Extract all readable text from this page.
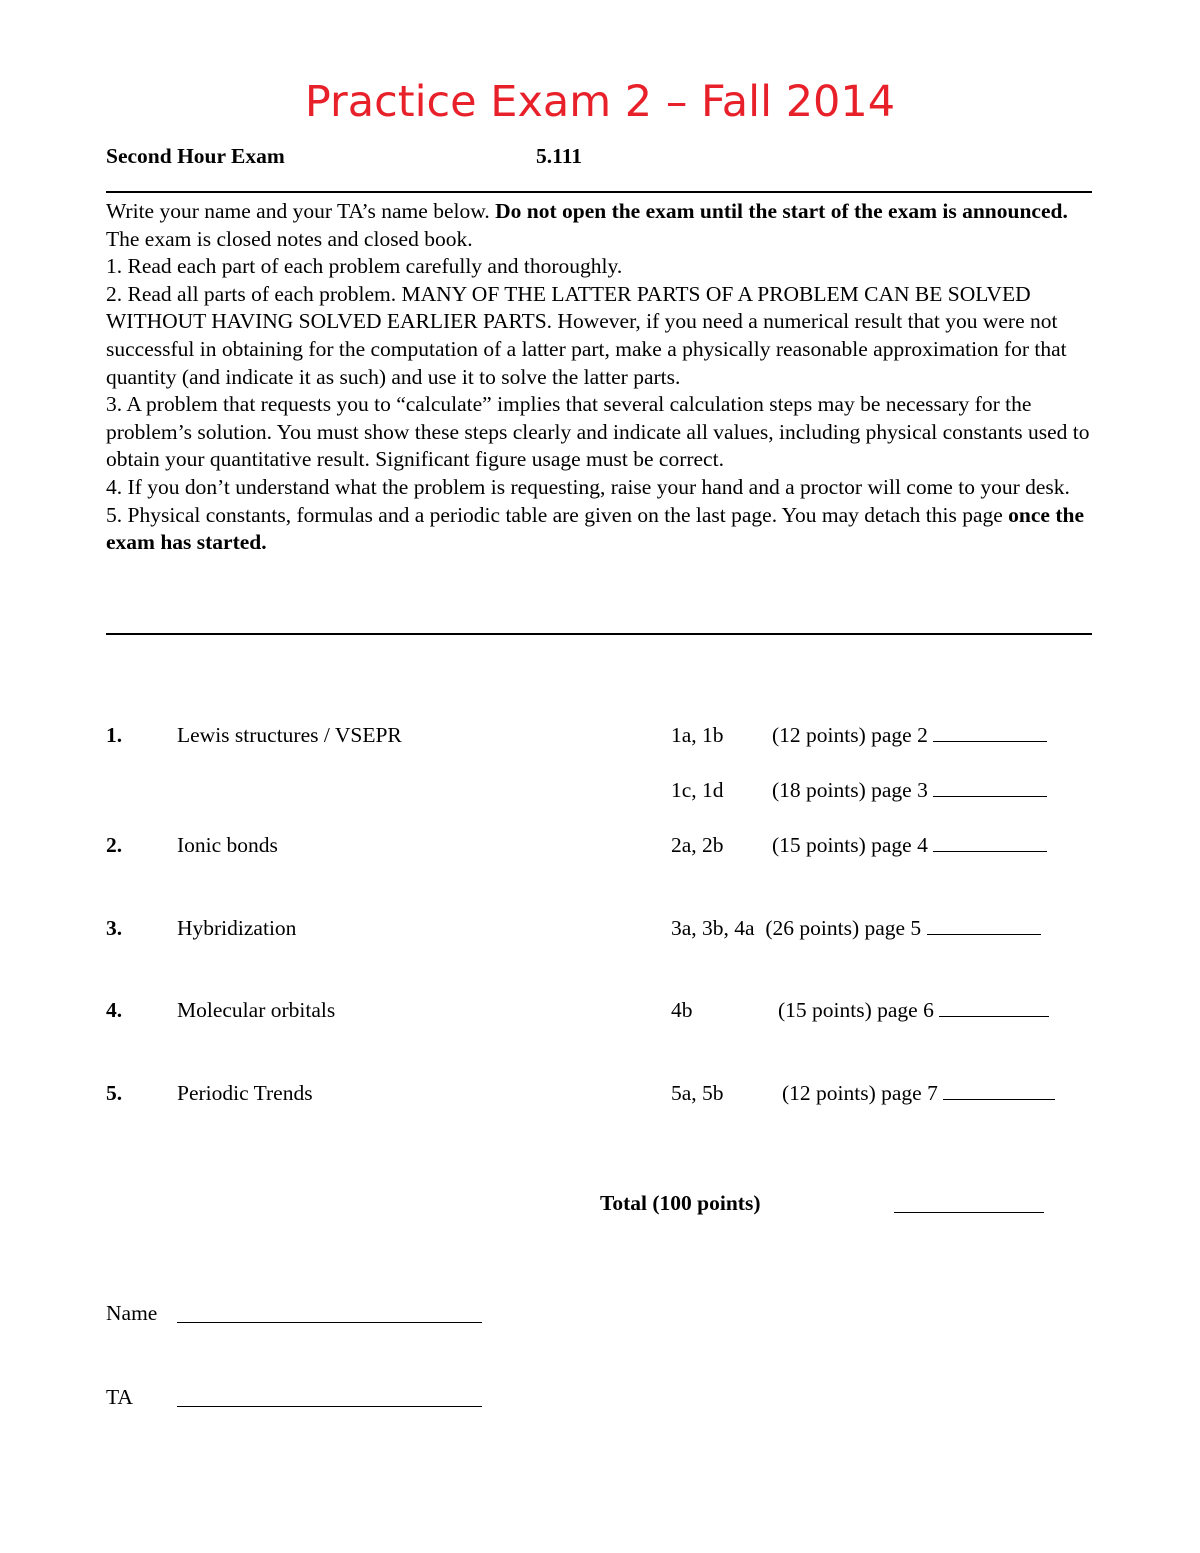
Practice Exam 2 – Fall 2014
Second Hour Exam	5.111

Write your name and your TA’s name below. Do not open the exam until the start of the exam is announced. The exam is closed notes and closed book.

1. Read each part of each problem carefully and thoroughly.

2. Read all parts of each problem. MANY OF THE LATTER PARTS OF A PROBLEM CAN BE SOLVED WITHOUT HAVING SOLVED EARLIER PARTS. However, if you need a numerical result that you were not successful in obtaining for the computation of a latter part, make a physically reasonable approximation for that quantity (and indicate it as such) and use it to solve the latter parts.

3. A problem that requests you to “calculate” implies that several calculation steps may be necessary for the problem’s solution. You must show these steps clearly and indicate all values, including physical constants used to obtain your quantitative result. Significant figure usage must be correct.

4. If you don’t understand what the problem is requesting, raise your hand and a proctor will come to your desk.

5. Physical constants, formulas and a periodic table are given on the last page. You may detach this page once the exam has started.

1.	Lewis structures / VSEPR	1a, 1b (12 points) page 2
1c, 1d (18 points) page 3
2.	Ionic bonds	2a, 2b (15 points) page 4
3.	Hybridization	3a, 3b, 4a (26 points) page 5
4.	Molecular orbitals	4b	(15 points) page 6
5.	Periodic Trends	5a, 5b	(12 points) page 7
Total (100 points)
Name
TA
